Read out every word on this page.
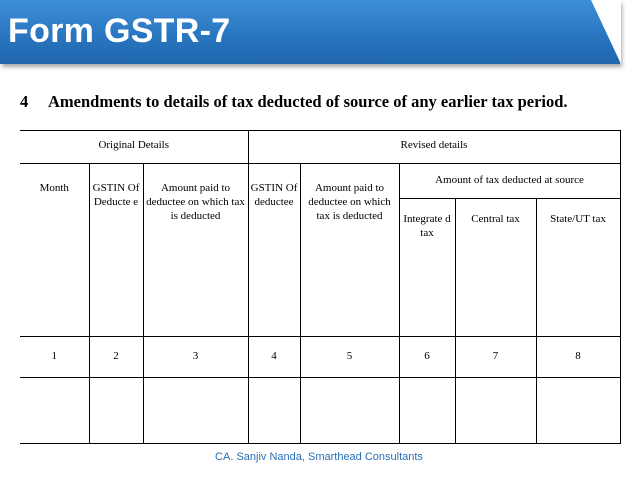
Form GSTR-7
4 Amendments to details of tax deducted of source of any earlier tax period.
Original Details			Revised details				
Month	GSTIN Of Deducte e	Amount paid to deductee on which tax is deducted	GSTIN Of deductee	Amount paid to deductee on which tax is deducted	Amount of tax deducted at source		
					Integrate d tax	Central tax	State/UT tax
1	2	3	4	5	6	7	8

CA. Sanjiv Nanda, Smarthead Consultants
